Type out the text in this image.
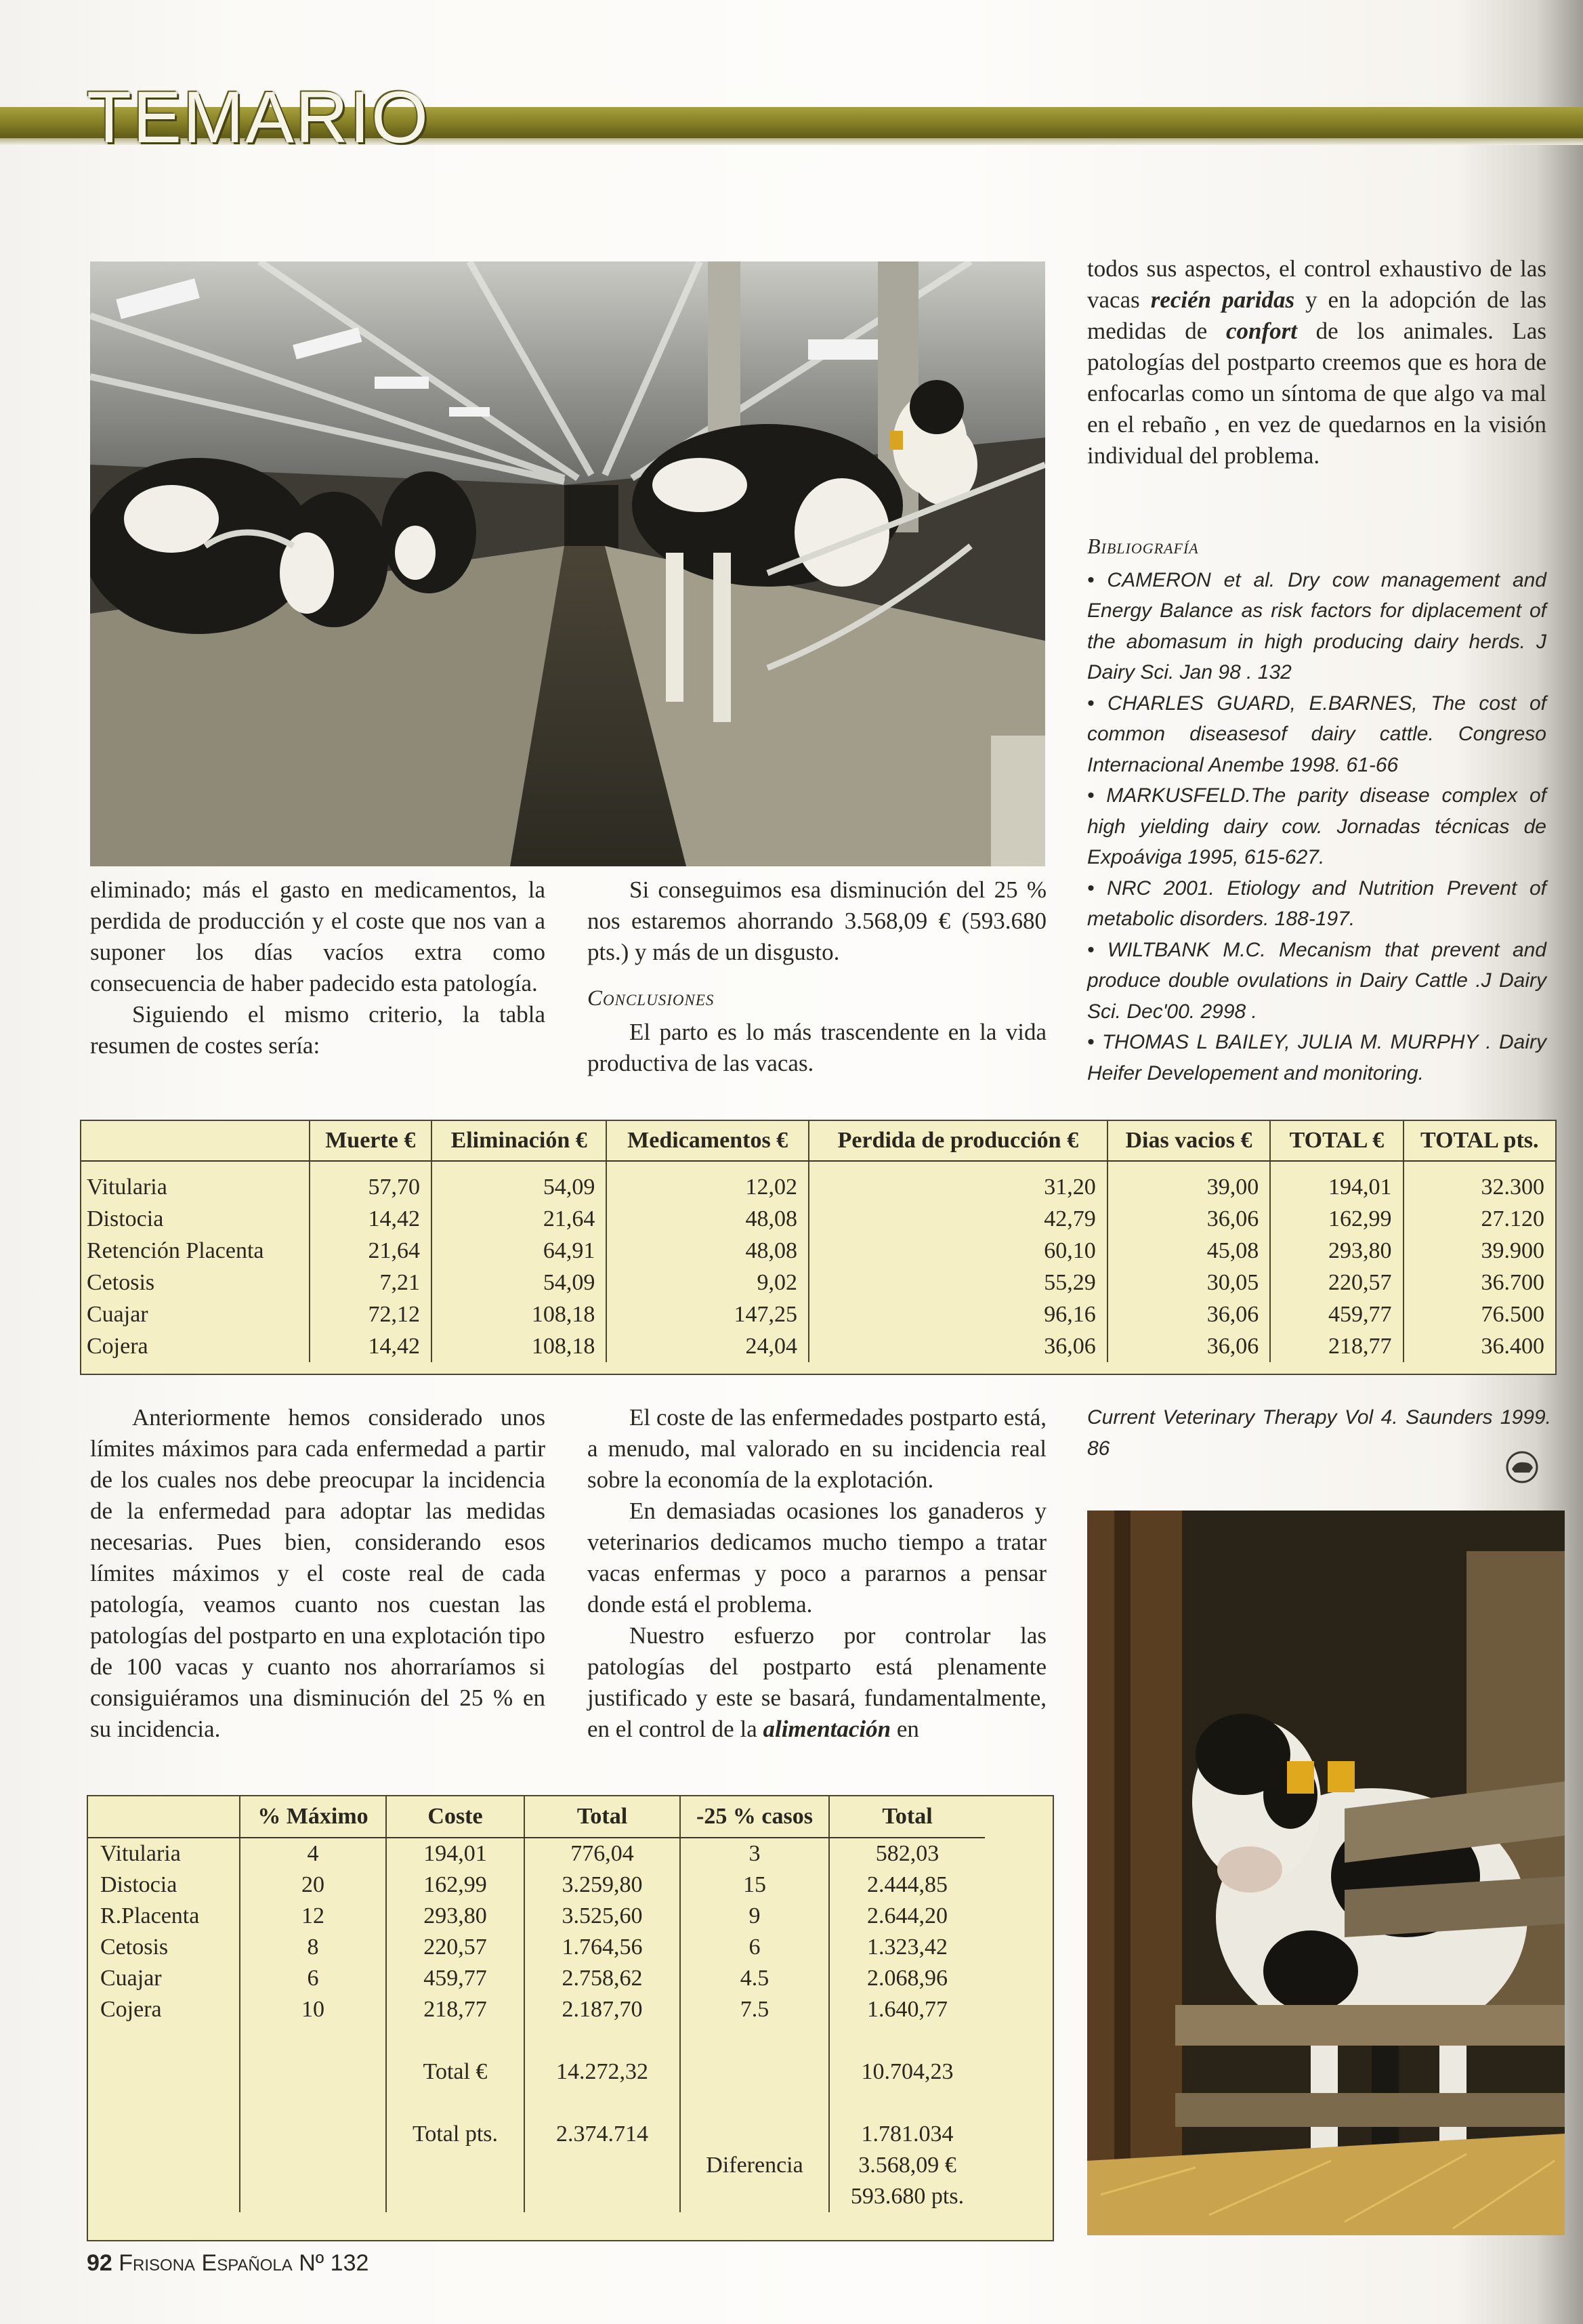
TEMARIO

eliminado; más el gasto en medicamentos, la perdida de producción y el coste que nos van a suponer los días vacíos extra como consecuencia de haber padecido esta patología.

Siguiendo el mismo criterio, la tabla resumen de costes sería:

Si conseguimos esa disminución del 25 % nos estaremos ahorrando 3.568,09 € (593.680 pts.) y más de un disgusto.

Conclusiones

El parto es lo más trascendente en la vida productiva de las vacas.

todos sus aspectos, el control exhaustivo de las vacas recién paridas y en la adopción de las medidas de confort de los animales. Las patologías del postparto creemos que es hora de enfocarlas como un síntoma de que algo va mal en el rebaño , en vez de quedarnos en la visión individual del problema.

Bibliografía

• CAMERON et al. Dry cow management and Energy Balance as risk factors for diplacement of the abomasum in high producing dairy herds. J Dairy Sci. Jan 98 . 132

• CHARLES GUARD, E.BARNES, The cost of common diseasesof dairy cattle. Congreso Internacional Anembe 1998. 61-66

• MARKUSFELD.The parity disease complex of high yielding dairy cow. Jornadas técnicas de Expoáviga 1995, 615-627.

• NRC 2001. Etiology and Nutrition Prevent of metabolic disorders. 188-197.

• WILTBANK M.C. Mecanism that prevent and produce double ovulations in Dairy Cattle .J Dairy Sci. Dec'00. 2998 .

• THOMAS L BAILEY, JULIA M. MURPHY . Dairy Heifer Developement and monitoring.

	Muerte €	Eliminación €	Medicamentos €	Perdida de producción €	Dias vacios €	TOTAL €	TOTAL pts.
Vitularia	57,70	54,09	12,02	31,20	39,00	194,01	32.300
Distocia	14,42	21,64	48,08	42,79	36,06	162,99	27.120
Retención Placenta	21,64	64,91	48,08	60,10	45,08	293,80	39.900
Cetosis	7,21	54,09	9,02	55,29	30,05	220,57	36.700
Cuajar	72,12	108,18	147,25	96,16	36,06	459,77	76.500
Cojera	14,42	108,18	24,04	36,06	36,06	218,77	36.400

Anteriormente hemos considerado unos límites máximos para cada enfermedad a partir de los cuales nos debe preocupar la incidencia de la enfermedad para adoptar las medidas necesarias. Pues bien, considerando esos límites máximos y el coste real de cada patología, veamos cuanto nos cuestan las patologías del postparto en una explotación tipo de 100 vacas y cuanto nos ahorraríamos si consiguiéramos una disminución del 25 % en su incidencia.

El coste de las enfermedades postparto está, a menudo, mal valorado en su incidencia real sobre la economía de la explotación.

En demasiadas ocasiones los ganaderos y veterinarios dedicamos mucho tiempo a tratar vacas enfermas y poco a pararnos a pensar donde está el problema.

Nuestro esfuerzo por controlar las patologías del postparto está plenamente justificado y este se basará, fundamentalmente, en el control de la alimentación en

Current Veterinary Therapy Vol 4. Saunders 1999. 86

	% Máximo	Coste	Total	-25 % casos	Total	
Vitularia	4	194,01	776,04	3	582,03	
Distocia	20	162,99	3.259,80	15	2.444,85	
R.Placenta	12	293,80	3.525,60	9	2.644,20	
Cetosis	8	220,57	1.764,56	6	1.323,42	
Cuajar	6	459,77	2.758,62	4.5	2.068,96	
Cojera	10	218,77	2.187,70	7.5	1.640,77	

		Total €	14.272,32		10.704,23	

		Total pts.	2.374.714		1.781.034	
				Diferencia	3.568,09 €	
					593.680 pts.	
92 Frisona Española Nº 132
